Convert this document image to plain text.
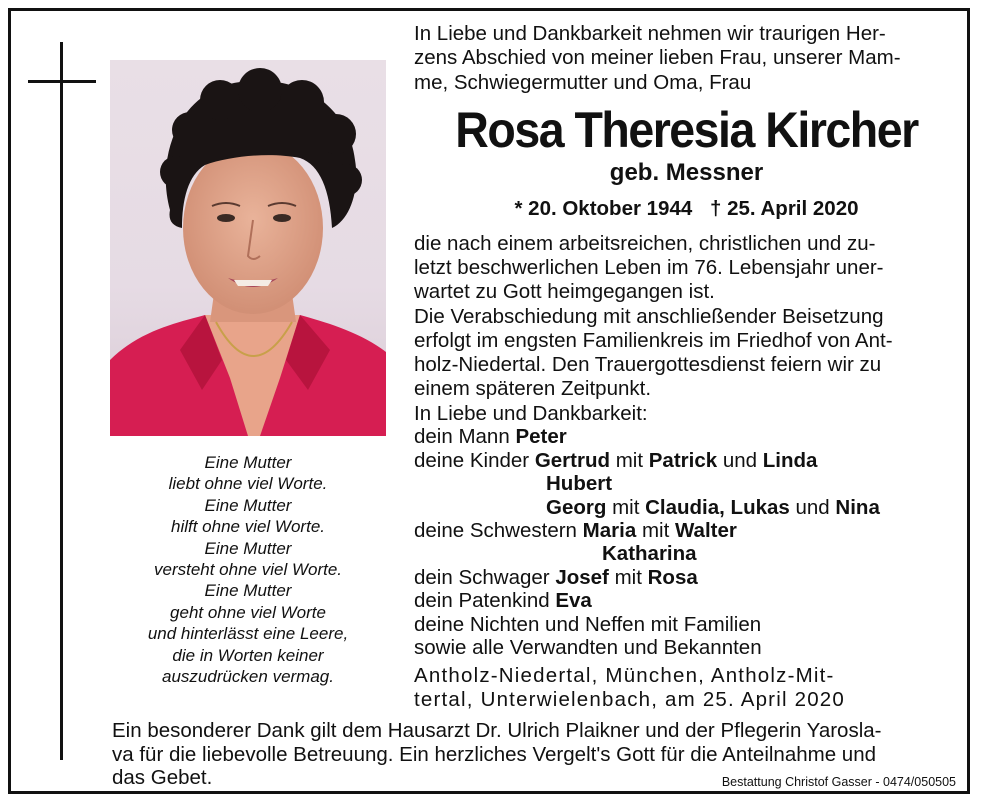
Eine Mutter
liebt ohne viel Worte.
Eine Mutter
hilft ohne viel Worte.
Eine Mutter
versteht ohne viel Worte.
Eine Mutter
geht ohne viel Worte
und hinterlässt eine Leere,
die in Worten keiner
auszudrücken vermag.
In Liebe und Dankbarkeit nehmen wir traurigen Her-
zens Abschied von meiner lieben Frau, unserer Mam-
me, Schwiegermutter und Oma, Frau
Rosa Theresia Kircher
geb. Messner
* 20. Oktober 1944 † 25. April 2020
die nach einem arbeitsreichen, christlichen und zu-
letzt beschwerlichen Leben im 76. Lebensjahr uner-
wartet zu Gott heimgegangen ist.
Die Verabschiedung mit anschließender Beisetzung
erfolgt im engsten Familienkreis im Friedhof von Ant-
holz-Niedertal. Den Trauergottesdienst feiern wir zu
einem späteren Zeitpunkt.
In Liebe und Dankbarkeit:
dein Mann Peter
deine Kinder Gertrud mit Patrick und Linda
Hubert
Georg mit Claudia, Lukas und Nina
deine Schwestern Maria mit Walter
Katharina
dein Schwager Josef mit Rosa
dein Patenkind Eva
deine Nichten und Neffen mit Familien
sowie alle Verwandten und Bekannten
Antholz-Niedertal, München, Antholz-Mit-
tertal, Unterwielenbach, am 25. April 2020
Ein besonderer Dank gilt dem Hausarzt Dr. Ulrich Plaikner und der Pflegerin Yarosla-
va für die liebevolle Betreuung. Ein herzliches Vergelt's Gott für die Anteilnahme und
das Gebet.	Bestattung Christof Gasser - 0474/050505
